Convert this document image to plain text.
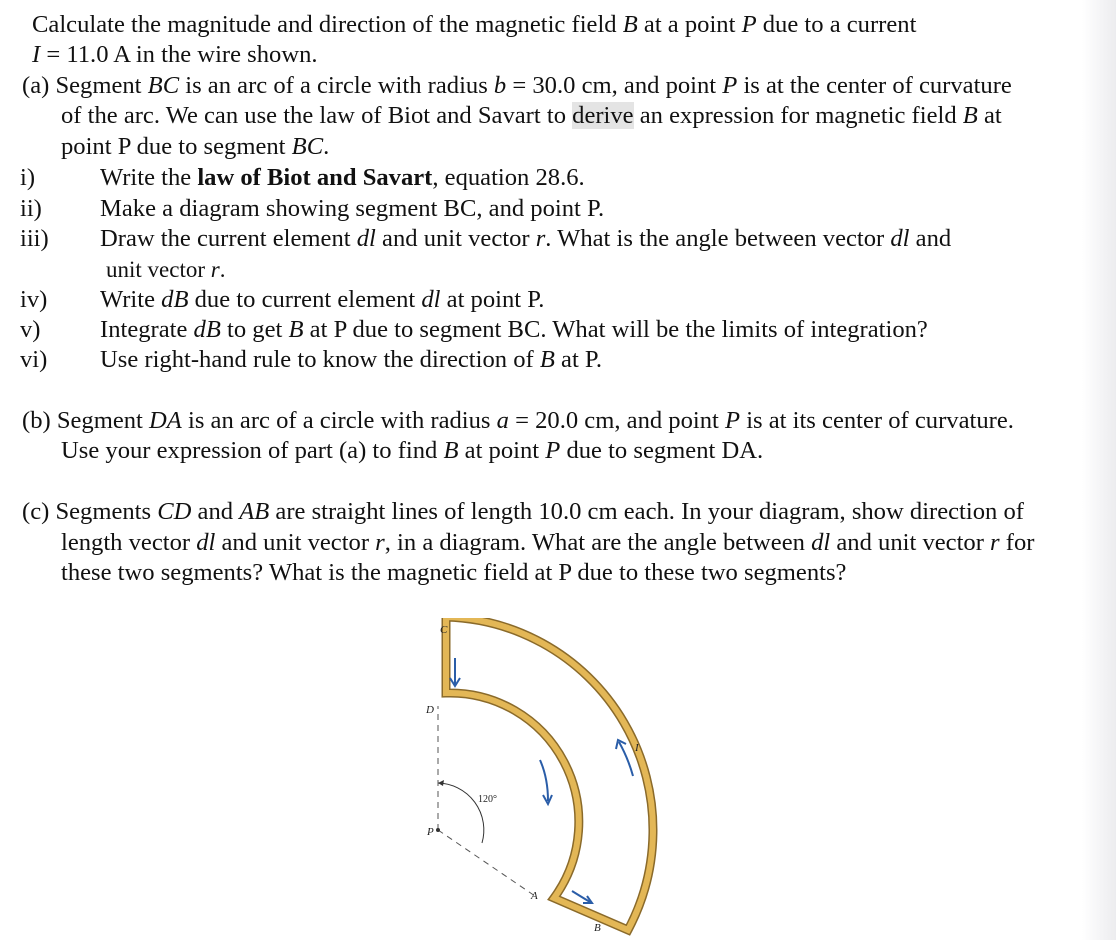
Calculate the magnitude and direction of the magnetic field B at a point P due to a current
I = 11.0 A in the wire shown.
(a) Segment BC is an arc of a circle with radius b = 30.0 cm, and point P is at the center of curvature
of the arc. We can use the law of Biot and Savart to derive an expression for magnetic field B at
point P due to segment BC.
i)	Write the law of Biot and Savart, equation 28.6.
ii) Make a diagram showing segment BC, and point P.
iii) Draw the current element dl and unit vector r. What is the angle between vector dl and
unit vector r.
iv) Write dB due to current element dl at point P.
v) Integrate dB to get B at P due to segment BC. What will be the limits of integration?
vi) Use right-hand rule to know the direction of B at P.
(b) Segment DA is an arc of a circle with radius a = 20.0 cm, and point P is at its center of curvature.
Use your expression of part (a) to find B at point P due to segment DA.
(c) Segments CD and AB are straight lines of length 10.0 cm each. In your diagram, show direction of
length vector dl and unit vector r, in a diagram. What are the angle between dl and unit vector r for
these two segments? What is the magnetic field at P due to these two segments?
C
D
P
A
B
I
120°
